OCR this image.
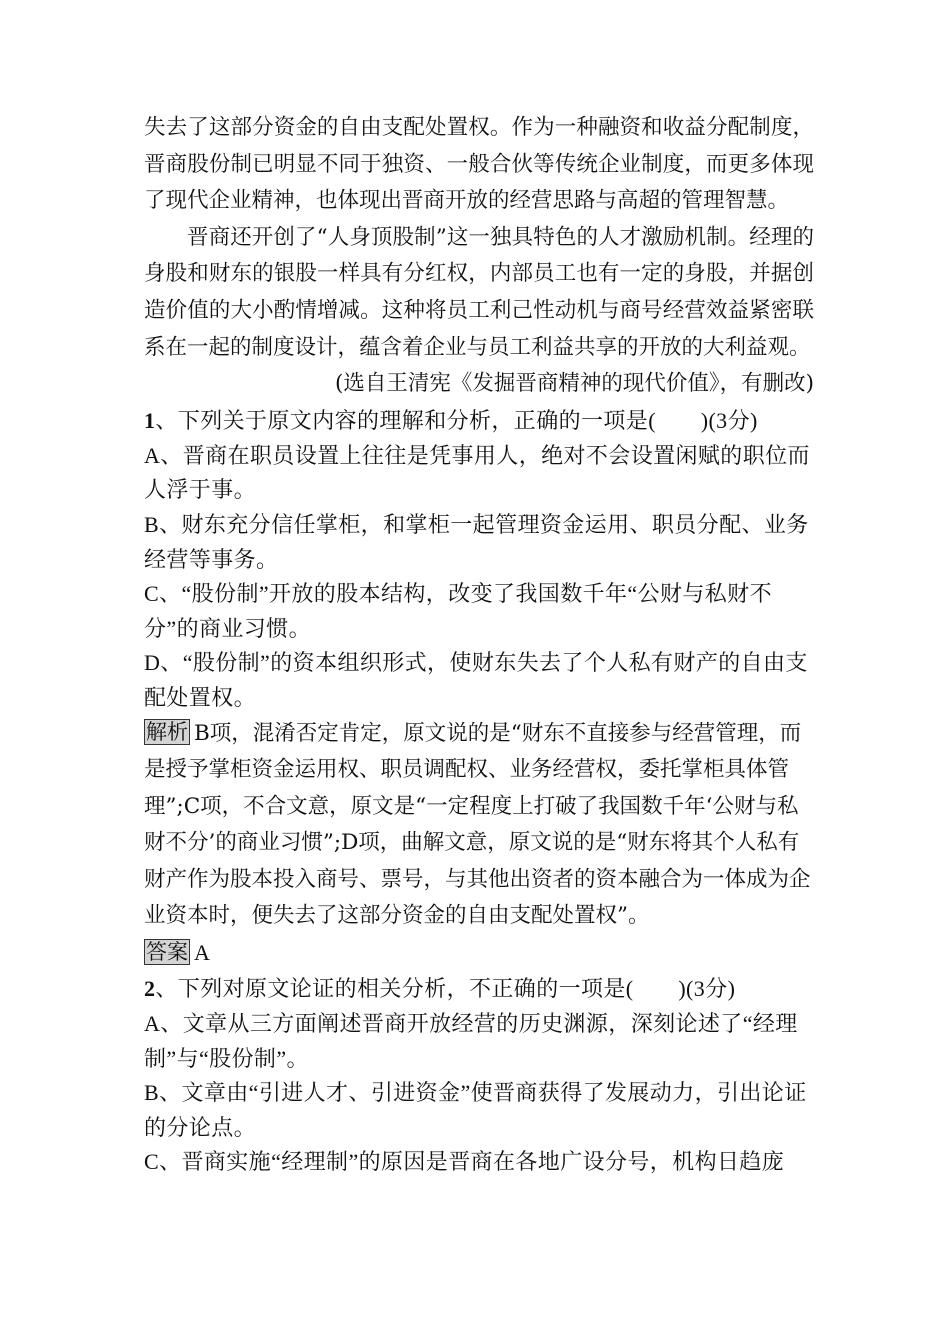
失去了这部分资金的自由支配处置权。作为一种融资和收益分配制度，晋商股份制已明显不同于独资、一般合伙等传统企业制度，而更多体现了现代企业精神，也体现出晋商开放的经营思路与高超的管理智慧。

晋商还开创了“人身顶股制”这一独具特色的人才激励机制。经理的身股和财东的银股一样具有分红权，内部员工也有一定的身股，并据创造价值的大小酌情增减。这种将员工利己性动机与商号经营效益紧密联系在一起的制度设计，蕴含着企业与员工利益共享的开放的大利益观。

(选自王清宪《发掘晋商精神的现代价值》，有删改)

1、下列关于原文内容的理解和分析，正确的一项是(　　)(3分)

A、晋商在职员设置上往往是凭事用人，绝对不会设置闲赋的职位而人浮于事。

B、财东充分信任掌柜，和掌柜一起管理资金运用、职员分配、业务经营等事务。

C、“股份制”开放的股本结构，改变了我国数千年“公财与私财不分”的商业习惯。

D、“股份制”的资本组织形式，使财东失去了个人私有财产的自由支配处置权。

解析 B项，混淆否定肯定，原文说的是“财东不直接参与经营管理，而是授予掌柜资金运用权、职员调配权、业务经营权，委托掌柜具体管理”;C项，不合文意，原文是“一定程度上打破了我国数千年‘公财与私财不分’的商业习惯”;D项，曲解文意，原文说的是“财东将其个人私有财产作为股本投入商号、票号，与其他出资者的资本融合为一体成为企业资本时，便失去了这部分资金的自由支配处置权”。

答案 A

2、下列对原文论证的相关分析，不正确的一项是(　　)(3分)

A、文章从三方面阐述晋商开放经营的历史渊源，深刻论述了“经理制”与“股份制”。

B、文章由“引进人才、引进资金”使晋商获得了发展动力，引出论证的分论点。

C、晋商实施“经理制”的原因是晋商在各地广设分号，机构日趋庞
